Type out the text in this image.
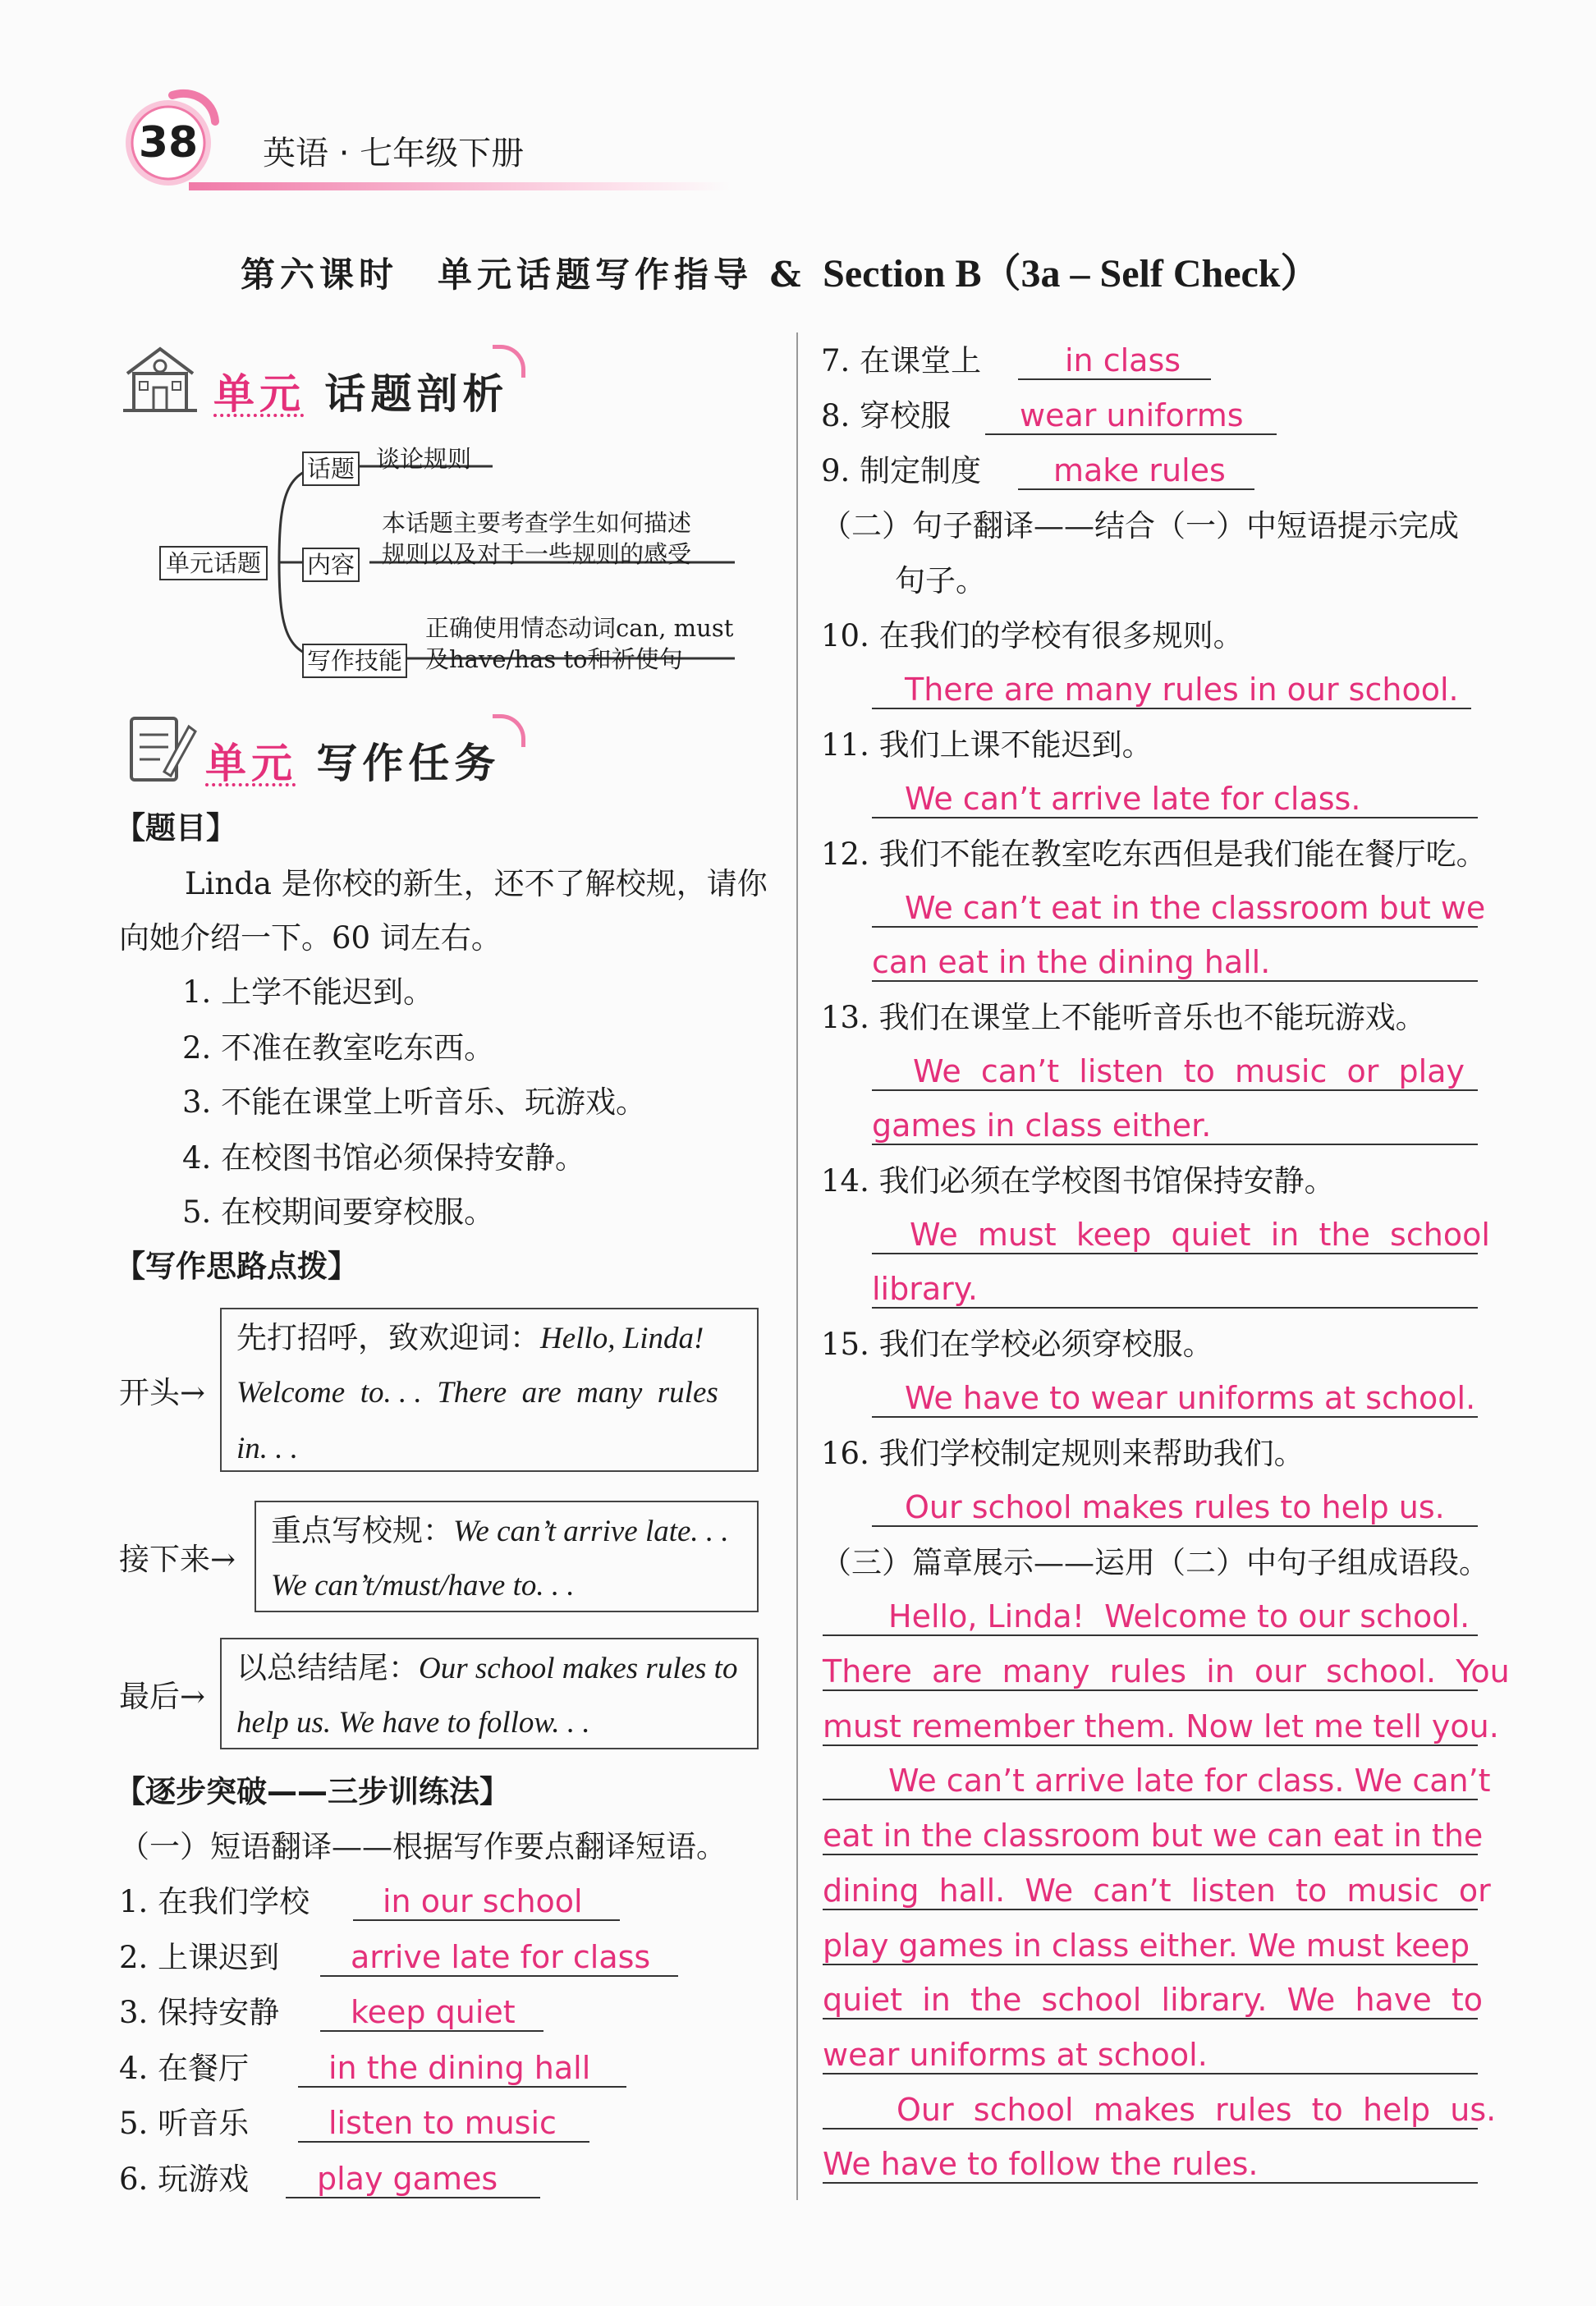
38 英语 · 七年级下册
第六课时　单元话题写作指导 & Section B（3a – Self Check）
单元 话题剖析
单元话题
话题 谈论规则
内容
本话题主要考查学生如何描述
规则以及对于一些规则的感受
写作技能
正确使用情态动词can, must
及have/has to和祈使句
单元 写作任务
【题目】
Linda 是你校的新生，还不了解校规，请你
向她介绍一下。60 词左右。
1. 上学不能迟到。
2. 不准在教室吃东西。
3. 不能在课堂上听音乐、玩游戏。
4. 在校图书馆必须保持安静。
5. 在校期间要穿校服。
【写作思路点拨】
开头→
先打招呼，致欢迎词：Hello, Linda!
Welcome  to. . .  There  are  many  rules
in. . .
接下来→
重点写校规：We can’t arrive late. . .
We can’t/must/have to. . .
最后→
以总结结尾：Our school makes rules to
help us. We have to follow. . .
【逐步突破——三步训练法】
（一）短语翻译——根据写作要点翻译短语。
1. 在我们学校 in our school
2. 上课迟到 arrive late for class
3. 保持安静 keep quiet
4. 在餐厅	in the dining hall
5. 听音乐	listen to music
6. 玩游戏 play games
7. 在课堂上	in class
8. 穿校服 wear uniforms
9. 制定制度 make rules
（二）句子翻译——结合（一）中短语提示完成
句子。
10. 在我们的学校有很多规则。
There are many rules in our school.
11. 我们上课不能迟到。
We can’t arrive late for class.
12. 我们不能在教室吃东西但是我们能在餐厅吃。
We can’t eat in the classroom but we
can eat in the dining hall.
13. 我们在课堂上不能听音乐也不能玩游戏。
We  can’t  listen  to  music  or  play
games in class either.
14. 我们必须在学校图书馆保持安静。
We  must  keep  quiet  in  the  school
library.
15. 我们在学校必须穿校服。
We have to wear uniforms at school.
16. 我们学校制定规则来帮助我们。
Our school makes rules to help us.
（三）篇章展示——运用（二）中句子组成语段。
Hello, Linda!  Welcome to our school.
There  are  many  rules  in  our  school.  You
must remember them. Now let me tell you.
We can’t arrive late for class. We can’t
eat in the classroom but we can eat in the
dining  hall.  We  can’t  listen  to  music  or
play games in class either. We must keep
quiet  in  the  school  library.  We  have  to
wear uniforms at school.
Our  school  makes  rules  to  help  us.
We have to follow the rules.
